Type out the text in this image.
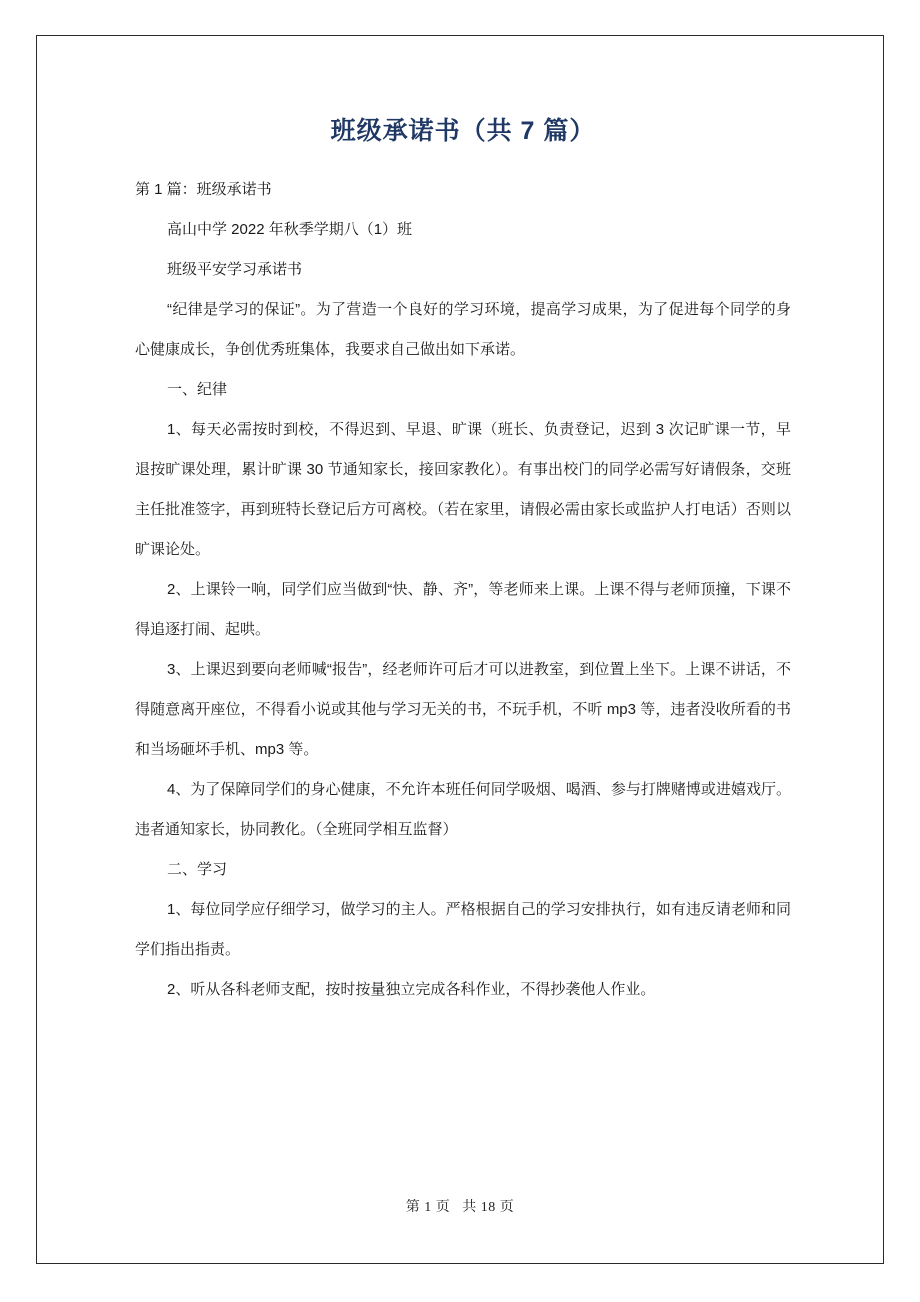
班级承诺书（共 7 篇）

第 1 篇：班级承诺书

高山中学 2022 年秋季学期八（1）班

班级平安学习承诺书

“纪律是学习的保证”。为了营造一个良好的学习环境，提高学习成果，为了促进每个同学的身心健康成长，争创优秀班集体，我要求自己做出如下承诺。

一、纪律

1、每天必需按时到校，不得迟到、早退、旷课（班长、负责登记，迟到 3 次记旷课一节，早退按旷课处理，累计旷课 30 节通知家长，接回家教化）。有事出校门的同学必需写好请假条，交班主任批准签字，再到班特长登记后方可离校。（若在家里，请假必需由家长或监护人打电话）否则以旷课论处。

2、上课铃一响，同学们应当做到“快、静、齐”，等老师来上课。上课不得与老师顶撞，下课不得追逐打闹、起哄。

3、上课迟到要向老师喊“报告”，经老师许可后才可以进教室，到位置上坐下。上课不讲话，不得随意离开座位，不得看小说或其他与学习无关的书，不玩手机，不听 mp3 等，违者没收所看的书和当场砸坏手机、mp3 等。

4、为了保障同学们的身心健康，不允许本班任何同学吸烟、喝酒、参与打牌赌博或进嬉戏厅。违者通知家长，协同教化。（全班同学相互监督）

二、学习

1、每位同学应仔细学习，做学习的主人。严格根据自己的学习安排执行，如有违反请老师和同学们指出指责。

2、听从各科老师支配，按时按量独立完成各科作业，不得抄袭他人作业。

第 1 页 共 18 页
